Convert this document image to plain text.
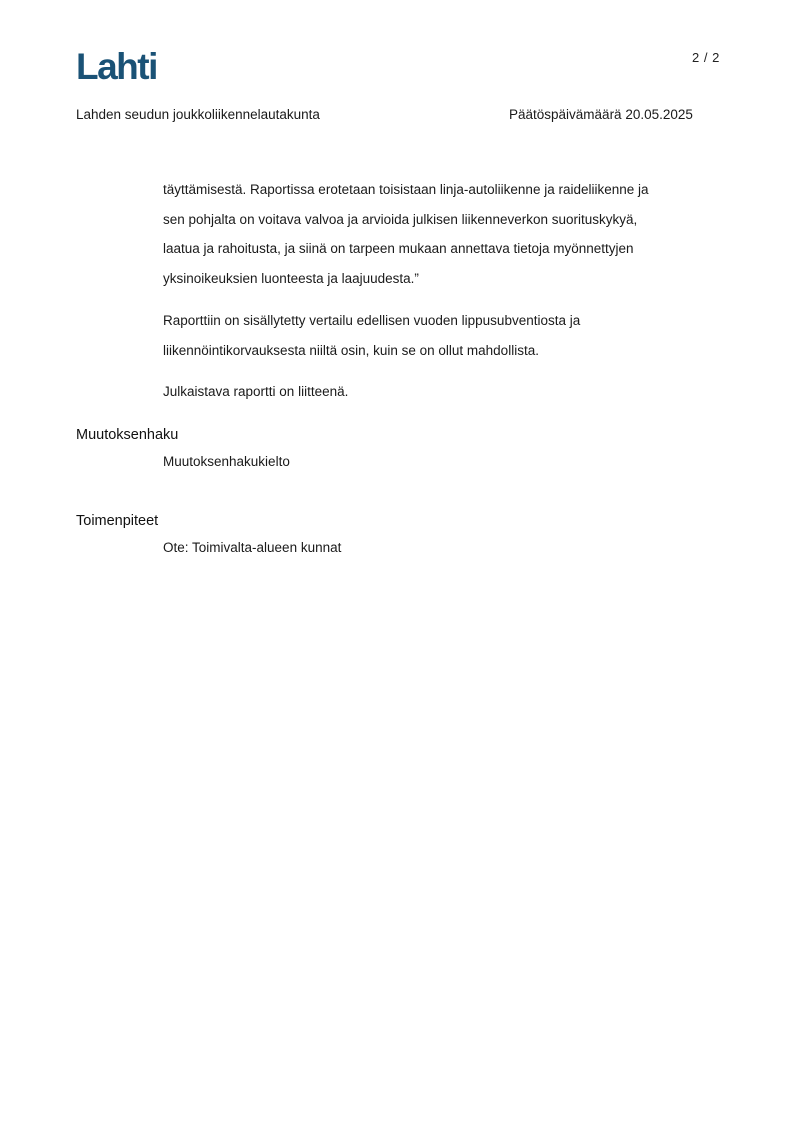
Lahti	2 / 2
Lahden seudun joukkoliikennelautakunta	Päätöspäivämäärä 20.05.2025

täyttämisestä. Raportissa erotetaan toisistaan linja-autoliikenne ja raideliikenne ja

sen pohjalta on voitava valvoa ja arvioida julkisen liikenneverkon suorituskykyä,

laatua ja rahoitusta, ja siinä on tarpeen mukaan annettava tietoja myönnettyjen

yksinoikeuksien luonteesta ja laajuudesta.”

Raporttiin on sisällytetty vertailu edellisen vuoden lippusubventiosta ja

liikennöintikorvauksesta niiltä osin, kuin se on ollut mahdollista.

Julkaistava raportti on liitteenä.

Muutoksenhaku
Muutoksenhakukielto
Toimenpiteet
Ote: Toimivalta-alueen kunnat
